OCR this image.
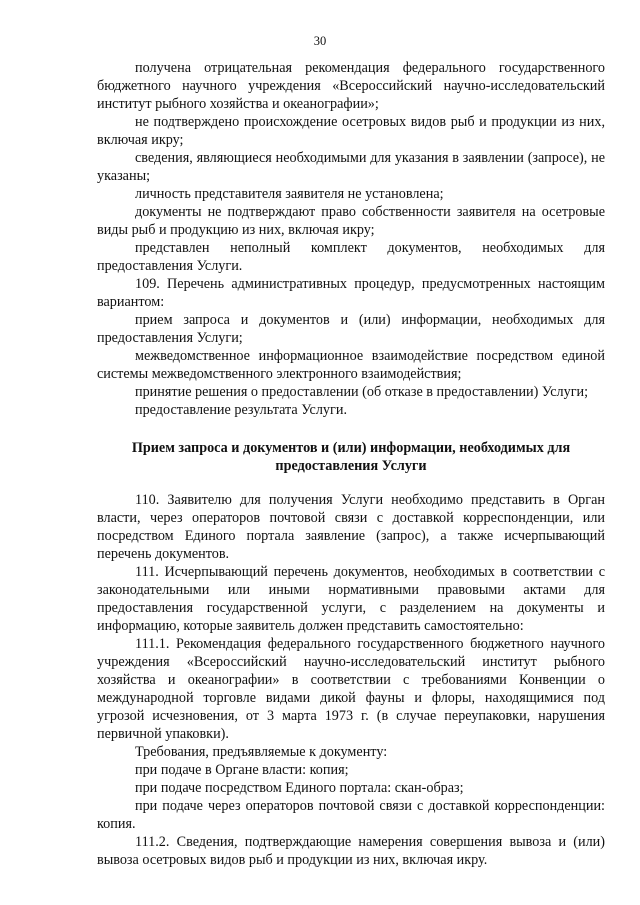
30

получена отрицательная рекомендация федерального государственного бюджетного научного учреждения «Всероссийский научно-исследовательский институт рыбного хозяйства и океанографии»;

не подтверждено происхождение осетровых видов рыб и продукции из них, включая икру;

сведения, являющиеся необходимыми для указания в заявлении (запросе), не указаны;

личность представителя заявителя не установлена;

документы не подтверждают право собственности заявителя на осетровые виды рыб и продукцию из них, включая икру;

представлен неполный комплект документов, необходимых для предоставления Услуги.

109. Перечень административных процедур, предусмотренных настоящим вариантом:

прием запроса и документов и (или) информации, необходимых для предоставления Услуги;

межведомственное информационное взаимодействие посредством единой системы межведомственного электронного взаимодействия;

принятие решения о предоставлении (об отказе в предоставлении) Услуги;

предоставление результата Услуги.

Прием запроса и документов и (или) информации, необходимых для предоставления Услуги

110. Заявителю для получения Услуги необходимо представить в Орган власти, через операторов почтовой связи с доставкой корреспонденции, или посредством Единого портала заявление (запрос), а также исчерпывающий перечень документов.

111. Исчерпывающий перечень документов, необходимых в соответствии с законодательными или иными нормативными правовыми актами для предоставления государственной услуги, с разделением на документы и информацию, которые заявитель должен представить самостоятельно:

111.1. Рекомендация федерального государственного бюджетного научного учреждения «Всероссийский научно-исследовательский институт рыбного хозяйства и океанографии» в соответствии с требованиями Конвенции о международной торговле видами дикой фауны и флоры, находящимися под угрозой исчезновения, от 3 марта 1973 г. (в случае переупаковки, нарушения первичной упаковки).

Требования, предъявляемые к документу:

при подаче в Органе власти: копия;

при подаче посредством Единого портала: скан-образ;

при подаче через операторов почтовой связи с доставкой корреспонденции: копия.

111.2. Сведения, подтверждающие намерения совершения вывоза и (или) вывоза осетровых видов рыб и продукции из них, включая икру.
